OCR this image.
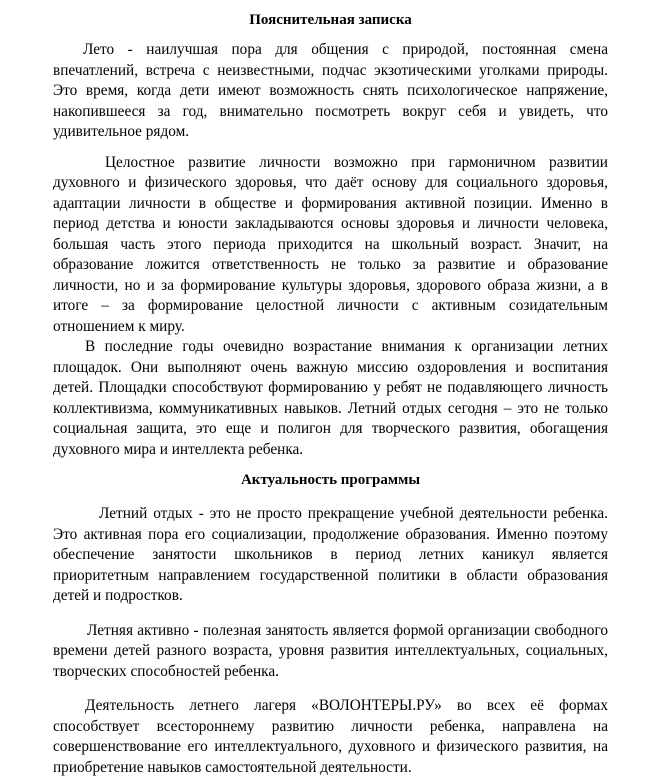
Пояснительная записка

Лето - наилучшая пора для общения с природой, постоянная смена впечатлений, встреча с неизвестными, подчас экзотическими уголками природы. Это время, когда дети имеют возможность снять психологическое напряжение, накопившееся за год, внимательно посмотреть вокруг себя и увидеть, что удивительное рядом.

Целостное развитие личности возможно при гармоничном развитии духовного и физического здоровья, что даёт основу для социального здоровья, адаптации личности в обществе и формирования активной позиции. Именно в период детства и юности закладываются основы здоровья и личности человека, большая часть этого периода приходится на школьный возраст. Значит, на образование ложится ответственность не только за развитие и образование личности, но и за формирование культуры здоровья, здорового образа жизни, а в итоге – за формирование целостной личности с активным созидательным отношением к миру.

В последние годы очевидно возрастание внимания к организации летних площадок. Они выполняют очень важную миссию оздоровления и воспитания детей. Площадки способствуют формированию у ребят не подавляющего личность коллективизма, коммуникативных навыков. Летний отдых сегодня – это не только социальная защита, это еще и полигон для творческого развития, обогащения духовного мира и интеллекта ребенка.

Актуальность программы

Летний отдых - это не просто прекращение учебной деятельности ребенка. Это активная пора его социализации, продолжение образования. Именно поэтому обеспечение занятости школьников в период летних каникул является приоритетным направлением государственной политики в области образования детей и подростков.

Летняя активно - полезная занятость является формой организации свободного времени детей разного возраста, уровня развития интеллектуальных, социальных, творческих способностей ребенка.

Деятельность летнего лагеря «ВОЛОНТЕРЫ.РУ» во всех её формах способствует всестороннему развитию личности ребенка, направлена на совершенствование его интеллектуального, духовного и физического развития, на приобретение навыков самостоятельной деятельности.
